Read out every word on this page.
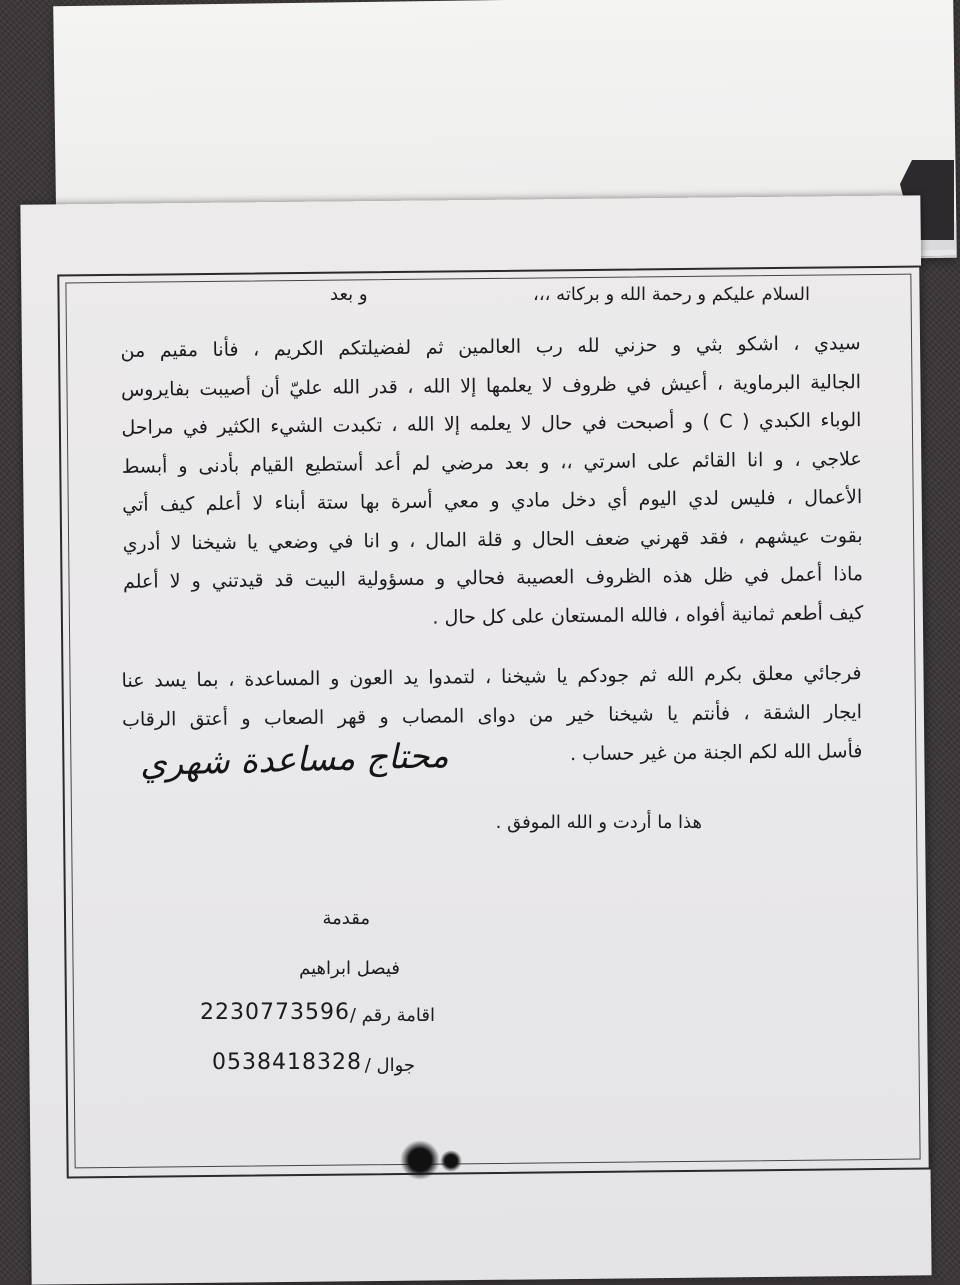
السلام عليكم و رحمة الله و بركاته ،،،
و بعد
سيدي ، اشكو بثي و حزني لله رب العالمين ثم لفضيلتكم الكريم ، فأنا مقيم من
الجالية البرماوية ، أعيش في ظروف لا يعلمها إلا الله ، قدر الله عليّ أن أصيبت بفايروس
الوباء الكبدي ( C ) و أصبحت في حال لا يعلمه إلا الله ، تكبدت الشيء الكثير في مراحل
علاجي ، و انا القائم على اسرتي ،، و بعد مرضي لم أعد أستطيع القيام بأدنى و أبسط
الأعمال ، فليس لدي اليوم أي دخل مادي و معي أسرة بها ستة أبناء لا أعلم كيف أتي
بقوت عيشهم ، فقد قهرني ضعف الحال و قلة المال ، و انا في وضعي يا شيخنا لا أدري
ماذا أعمل في ظل هذه الظروف العصيبة فحالي و مسؤولية البيت قد قيدتني و لا أعلم
كيف أطعم ثمانية أفواه ، فالله المستعان على كل حال .
فرجائي معلق بكرم الله ثم جودكم يا شيخنا ، لتمدوا يد العون و المساعدة ، بما يسد عنا
ايجار الشقة ، فأنتم يا شيخنا خير من دواى المصاب و قهر الصعاب و أعتق الرقاب
فأسل الله لكم الجنة من غير حساب .
محتاج مساعدة شهري
هذا ما أردت و الله الموفق .
مقدمة
فيصل ابراهيم
اقامة رقم /
2230773596
جوال /
0538418328
